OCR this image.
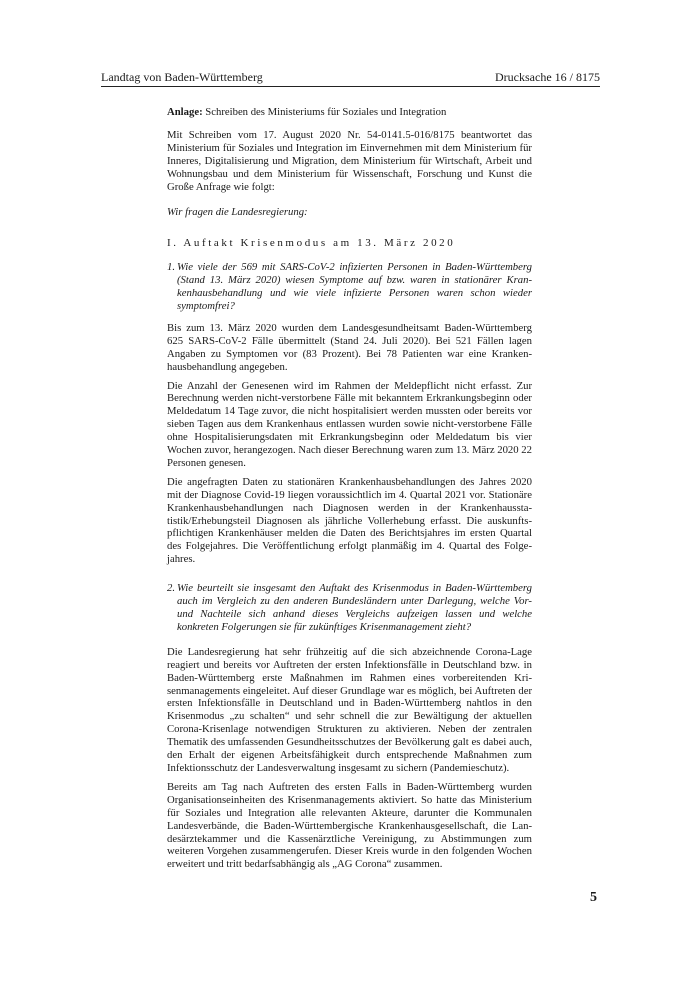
Landtag von Baden-Württemberg	Drucksache 16 / 8175

Anlage: Schreiben des Ministeriums für Soziales und Integration

Mit Schreiben vom 17. August 2020 Nr. 54-0141.5-016/8175 beantwortet das Ministerium für Soziales und Integration im Einvernehmen mit dem Ministerium für Inneres, Digitalisierung und Migration, dem Ministerium für Wirtschaft, Arbeit und Wohnungsbau und dem Ministerium für Wissenschaft, Forschung und Kunst die Große Anfrage wie folgt:

Wir fragen die Landesregierung:

I. Auftakt Krisenmodus am 13. März 2020
1. Wie viele der 569 mit SARS-CoV-2 infizierten Personen in Baden-Württemberg (Stand 13. März 2020) wiesen Symptome auf bzw. waren in stationärer Krankenhausbehandlung und wie viele infizierte Personen waren schon wieder symptomfrei?

Bis zum 13. März 2020 wurden dem Landesgesundheitsamt Baden-Württemberg 625 SARS-CoV-2 Fälle übermittelt (Stand 24. Juli 2020). Bei 521 Fällen lagen Angaben zu Symptomen vor (83 Prozent). Bei 78 Patienten war eine Krankenhausbehandlung angegeben.

Die Anzahl der Genesenen wird im Rahmen der Meldepflicht nicht erfasst. Zur Berechnung werden nicht-verstorbene Fälle mit bekanntem Erkrankungsbeginn oder Meldedatum 14 Tage zuvor, die nicht hospitalisiert werden mussten oder bereits vor sieben Tagen aus dem Krankenhaus entlassen wurden sowie nicht-verstorbene Fälle ohne Hospitalisierungsdaten mit Erkrankungsbeginn oder Meldedatum bis vier Wochen zuvor, herangezogen. Nach dieser Berechnung waren zum 13. März 2020 22 Personen genesen.

Die angefragten Daten zu stationären Krankenhausbehandlungen des Jahres 2020 mit der Diagnose Covid-19 liegen voraussichtlich im 4. Quartal 2021 vor. Stationäre Krankenhausbehandlungen nach Diagnosen werden in der Krankenhausstatistik/Erhebungsteil Diagnosen als jährliche Vollerhebung erfasst. Die auskunftspflichtigen Krankenhäuser melden die Daten des Berichtsjahres im ersten Quartal des Folgejahres. Die Veröffentlichung erfolgt planmäßig im 4. Quartal des Folgejahres.

2. Wie beurteilt sie insgesamt den Auftakt des Krisenmodus in Baden-Württemberg auch im Vergleich zu den anderen Bundesländern unter Darlegung, welche Vor- und Nachteile sich anhand dieses Vergleichs aufzeigen lassen und welche konkreten Folgerungen sie für zukünftiges Krisenmanagement zieht?

Die Landesregierung hat sehr frühzeitig auf die sich abzeichnende Corona-Lage reagiert und bereits vor Auftreten der ersten Infektionsfälle in Deutschland bzw. in Baden-Württemberg erste Maßnahmen im Rahmen eines vorbereitenden Krisenmanagements eingeleitet. Auf dieser Grundlage war es möglich, bei Auftreten der ersten Infektionsfälle in Deutschland und in Baden-Württemberg nahtlos in den Krisenmodus „zu schalten“ und sehr schnell die zur Bewältigung der aktuellen Corona-Krisenlage notwendigen Strukturen zu aktivieren. Neben der zentralen Thematik des umfassenden Gesundheitsschutzes der Bevölkerung galt es dabei auch, den Erhalt der eigenen Arbeitsfähigkeit durch entsprechende Maßnahmen zum Infektionsschutz der Landesverwaltung insgesamt zu sichern (Pandemieschutz).

Bereits am Tag nach Auftreten des ersten Falls in Baden-Württemberg wurden Organisationseinheiten des Krisenmanagements aktiviert. So hatte das Ministerium für Soziales und Integration alle relevanten Akteure, darunter die Kommunalen Landesverbände, die Baden-Württembergische Krankenhausgesellschaft, die Landesärztekammer und die Kassenärztliche Vereinigung, zu Abstimmungen zum weiteren Vorgehen zusammengerufen. Dieser Kreis wurde in den folgenden Wochen erweitert und tritt bedarfsabhängig als „AG Corona“ zusammen.

5
